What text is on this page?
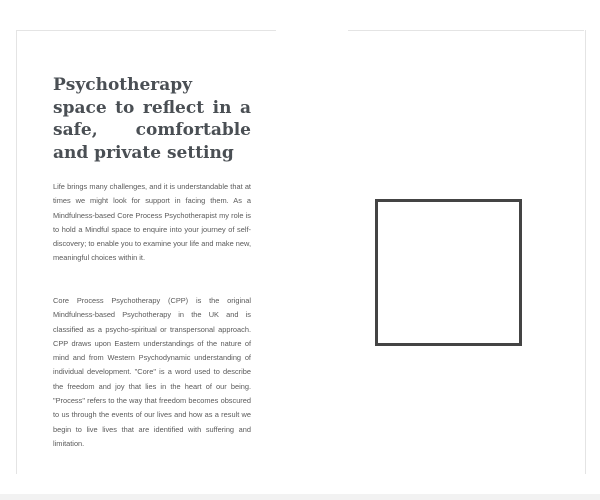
Psychotherapy space to reflect in a safe, comfortable and private setting

Life brings many challenges, and it is understandable that at times we might look for support in facing them. As a Mindfulness-based Core Process Psychotherapist my role is to hold a Mindful space to enquire into your journey of self-discovery; to enable you to examine your life and make new, meaningful choices within it.

Core Process Psychotherapy (CPP) is the original Mindfulness-based Psychotherapy in the UK and is classified as a psycho-spiritual or transpersonal approach. CPP draws upon Eastern understandings of the nature of mind and from Western Psychodynamic understanding of individual development. "Core" is a word used to describe the freedom and joy that lies in the heart of our being. "Process" refers to the way that freedom becomes obscured to us through the events of our lives and how as a result we begin to live lives that are identified with suffering and limitation.
